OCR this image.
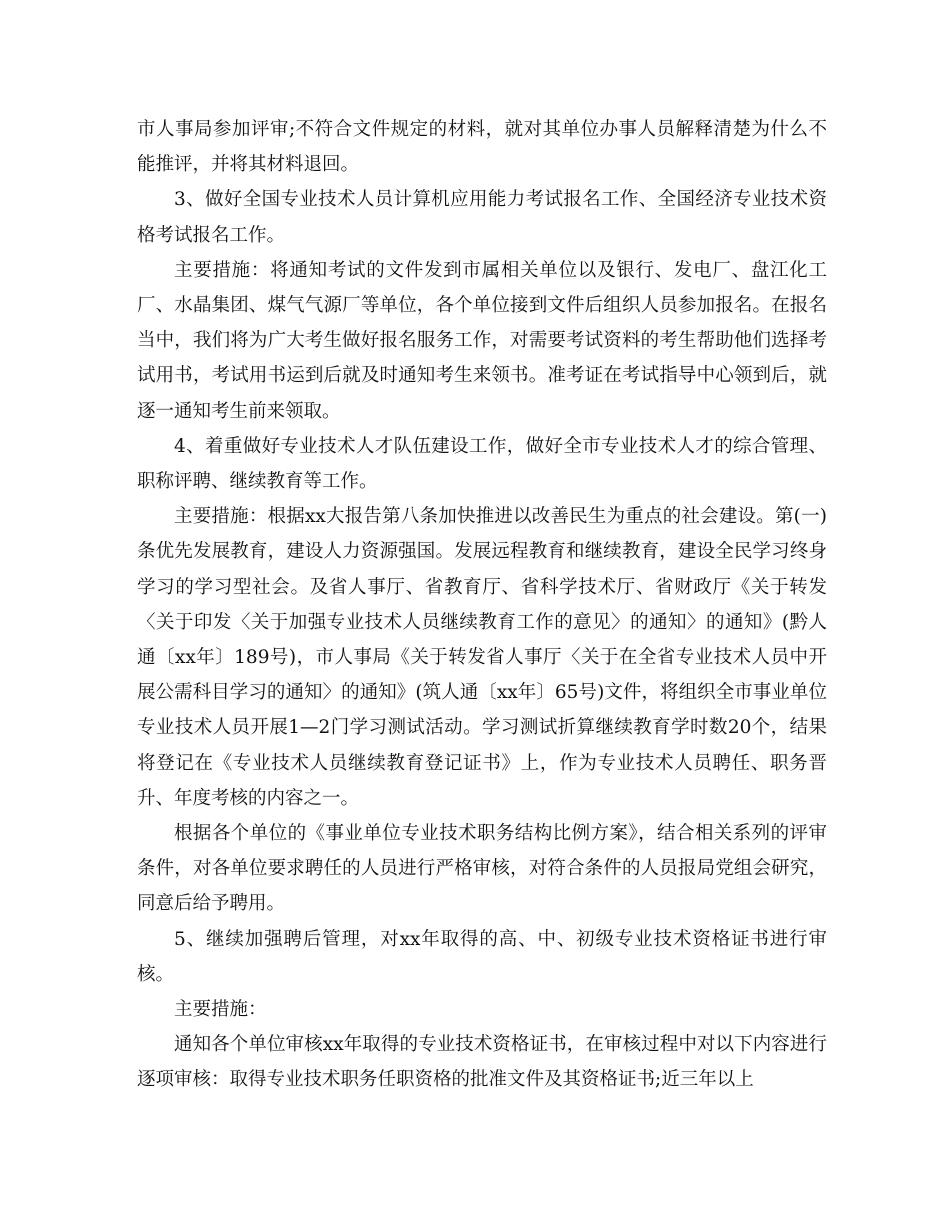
市人事局参加评审;不符合文件规定的材料，就对其单位办事人员解释清楚为什么不能推评，并将其材料退回。

3、做好全国专业技术人员计算机应用能力考试报名工作、全国经济专业技术资格考试报名工作。

主要措施：将通知考试的文件发到市属相关单位以及银行、发电厂、盘江化工厂、水晶集团、煤气气源厂等单位，各个单位接到文件后组织人员参加报名。在报名当中，我们将为广大考生做好报名服务工作，对需要考试资料的考生帮助他们选择考试用书，考试用书运到后就及时通知考生来领书。准考证在考试指导中心领到后，就逐一通知考生前来领取。

4、着重做好专业技术人才队伍建设工作，做好全市专业技术人才的综合管理、职称评聘、继续教育等工作。

主要措施：根据xx大报告第八条加快推进以改善民生为重点的社会建设。第(一)条优先发展教育，建设人力资源强国。发展远程教育和继续教育，建设全民学习终身学习的学习型社会。及省人事厅、省教育厅、省科学技术厅、省财政厅《关于转发〈关于印发〈关于加强专业技术人员继续教育工作的意见〉的通知〉的通知》(黔人通〔xx年〕189号)，市人事局《关于转发省人事厅〈关于在全省专业技术人员中开展公需科目学习的通知〉的通知》(筑人通〔xx年〕65号)文件，将组织全市事业单位专业技术人员开展1—2门学习测试活动。学习测试折算继续教育学时数20个，结果将登记在《专业技术人员继续教育登记证书》上，作为专业技术人员聘任、职务晋升、年度考核的内容之一。

根据各个单位的《事业单位专业技术职务结构比例方案》，结合相关系列的评审条件，对各单位要求聘任的人员进行严格审核，对符合条件的人员报局党组会研究，同意后给予聘用。

5、继续加强聘后管理，对xx年取得的高、中、初级专业技术资格证书进行审核。

主要措施：

通知各个单位审核xx年取得的专业技术资格证书，在审核过程中对以下内容进行逐项审核：取得专业技术职务任职资格的批准文件及其资格证书;近三年以上
